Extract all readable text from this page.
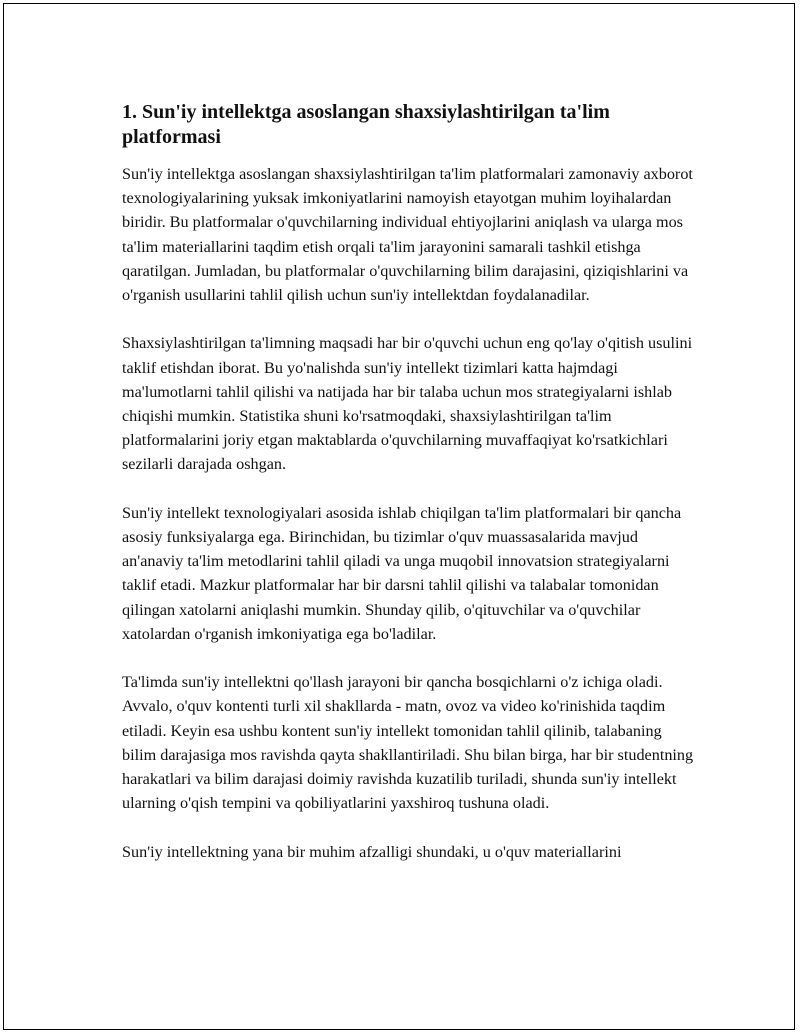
1. Sun'iy intellektga asoslangan shaxsiylashtirilgan ta'lim platformasi

Sun'iy intellektga asoslangan shaxsiylashtirilgan ta'lim platformalari zamonaviy axborot texnologiyalarining yuksak imkoniyatlarini namoyish etayotgan muhim loyihalardan biridir. Bu platformalar o'quvchilarning individual ehtiyojlarini aniqlash va ularga mos ta'lim materiallarini taqdim etish orqali ta'lim jarayonini samarali tashkil etishga qaratilgan. Jumladan, bu platformalar o'quvchilarning bilim darajasini, qiziqishlarini va o'rganish usullarini tahlil qilish uchun sun'iy intellektdan foydalanadilar.

Shaxsiylashtirilgan ta'limning maqsadi har bir o'quvchi uchun eng qo'lay o'qitish usulini taklif etishdan iborat. Bu yo'nalishda sun'iy intellekt tizimlari katta hajmdagi ma'lumotlarni tahlil qilishi va natijada har bir talaba uchun mos strategiyalarni ishlab chiqishi mumkin. Statistika shuni ko'rsatmoqdaki, shaxsiylashtirilgan ta'lim platformalarini joriy etgan maktablarda o'quvchilarning muvaffaqiyat ko'rsatkichlari sezilarli darajada oshgan.

Sun'iy intellekt texnologiyalari asosida ishlab chiqilgan ta'lim platformalari bir qancha asosiy funksiyalarga ega. Birinchidan, bu tizimlar o'quv muassasalarida mavjud an'anaviy ta'lim metodlarini tahlil qiladi va unga muqobil innovatsion strategiyalarni taklif etadi. Mazkur platformalar har bir darsni tahlil qilishi va talabalar tomonidan qilingan xatolarni aniqlashi mumkin. Shunday qilib, o'qituvchilar va o'quvchilar xatolardan o'rganish imkoniyatiga ega bo'ladilar.

Ta'limda sun'iy intellektni qo'llash jarayoni bir qancha bosqichlarni o'z ichiga oladi. Avvalo, o'quv kontenti turli xil shakllarda - matn, ovoz va video ko'rinishida taqdim etiladi. Keyin esa ushbu kontent sun'iy intellekt tomonidan tahlil qilinib, talabaning bilim darajasiga mos ravishda qayta shakllantiriladi. Shu bilan birga, har bir studentning harakatlari va bilim darajasi doimiy ravishda kuzatilib turiladi, shunda sun'iy intellekt ularning o'qish tempini va qobiliyatlarini yaxshiroq tushuna oladi.

Sun'iy intellektning yana bir muhim afzalligi shundaki, u o'quv materiallarini
